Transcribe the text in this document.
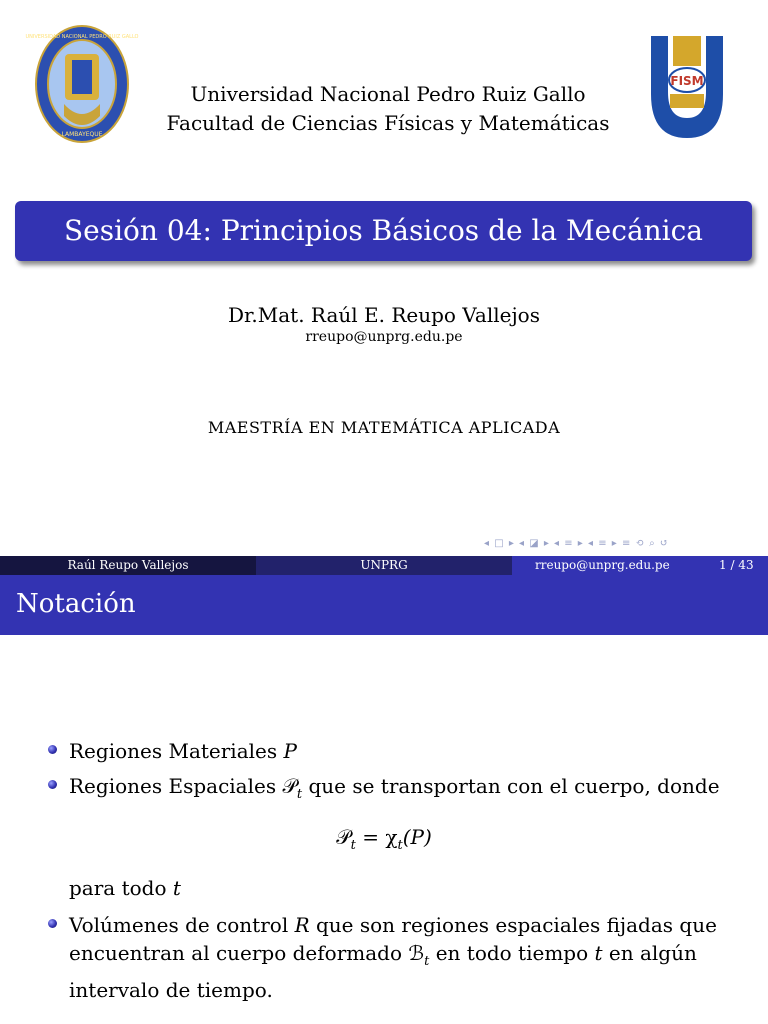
UNIVERSIDAD NACIONAL PEDRO RUIZ GALLO
LAMBAYEQUE
Universidad Nacional Pedro Ruiz Gallo
Facultad de Ciencias Físicas y Matemáticas
FISM
Sesión 04: Principios Básicos de la Mecánica
Dr.Mat. Raúl E. Reupo Vallejos
rreupo@unprg.edu.pe
MAESTRÍA EN MATEMÁTICA APLICADA
◂ □ ▸ ◂ ◪ ▸ ◂ ≡ ▸ ◂ ≡ ▸ ≡ ⟲ ⌕ ↺
Raúl Reupo Vallejos	UNPRG	rreupo@unprg.edu.pe	1 / 43
Notación
Regiones Materiales P
Regiones Espaciales 𝒫$_t$ que se transportan con el cuerpo, donde
𝒫$_t$ = $\chi_t(P)$
para todo t
Volúmenes de control R que son regiones espaciales fijadas que
encuentran al cuerpo deformado ℬ$_t$ en todo tiempo t en algún
intervalo de tiempo.
